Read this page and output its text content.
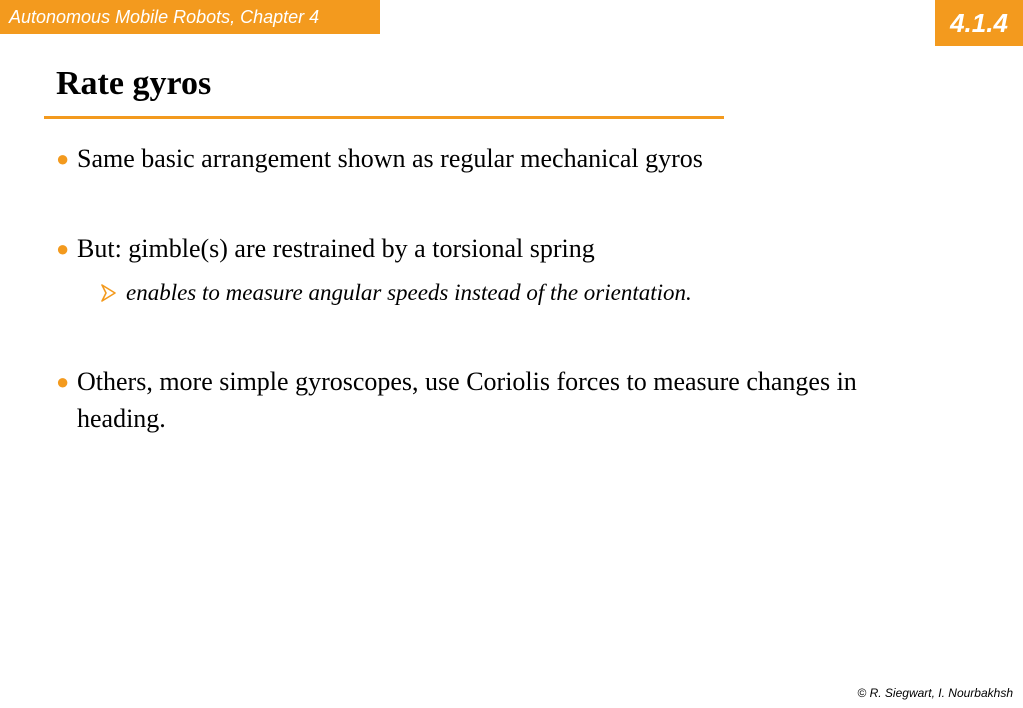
Autonomous Mobile Robots, Chapter 4	4.1.4
Rate gyros
● Same basic arrangement shown as regular mechanical gyros
● But: gimble(s) are restrained by a torsional spring
enables to measure angular speeds instead of the orientation.
● Others, more simple gyroscopes, use Coriolis forces to measure changes in heading.
© R. Siegwart, I. Nourbakhsh
